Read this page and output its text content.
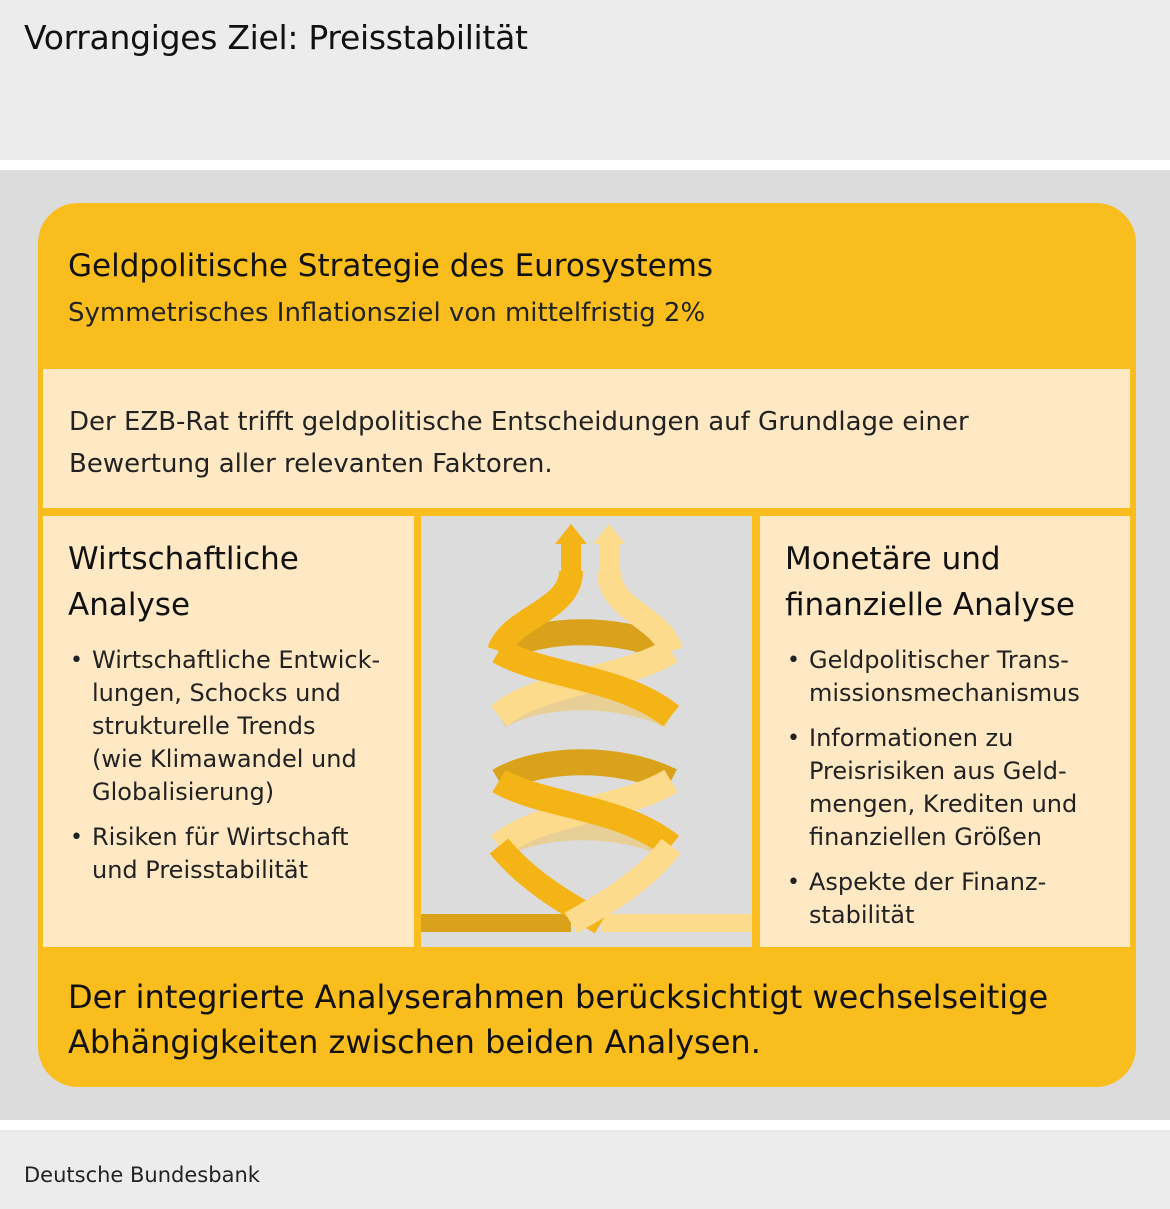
Vorrangiges Ziel: Preisstabilität
Geldpolitische Strategie des Eurosystems
Symmetrisches Inflationsziel von mittelfristig 2%
Der EZB-Rat trifft geldpolitische Entscheidungen auf Grundlage einer Bewertung aller relevanten Faktoren.
Wirtschaftliche
Analyse
• Wirtschaftliche Entwick-
lungen, Schocks und
strukturelle Trends
(wie Klimawandel und
Globalisierung)
• Risiken für Wirtschaft
und Preisstabilität
Monetäre und
finanzielle Analyse
• Geldpolitischer Trans-
missionsmechanismus
• Informationen zu
Preisrisiken aus Geld-
mengen, Krediten und
finanziellen Größen
• Aspekte der Finanz-
stabilität
Der integrierte Analyserahmen berücksichtigt wechselseitige
Abhängigkeiten zwischen beiden Analysen.
Deutsche Bundesbank
